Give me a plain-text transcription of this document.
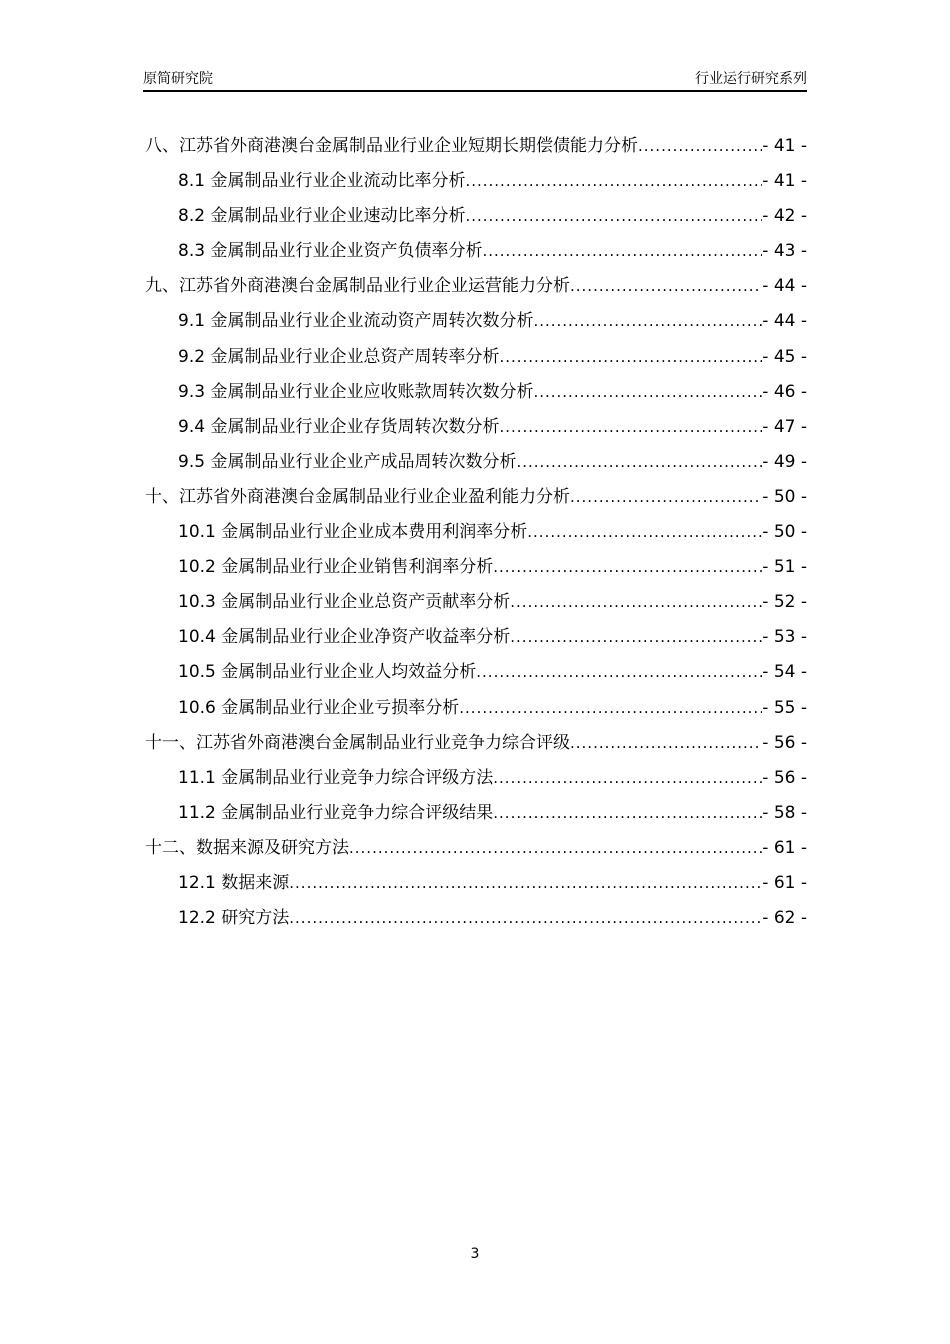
原简研究院	行业运行研究系列
八、江苏省外商港澳台金属制品业行业企业短期长期偿债能力分析 .....	- 41 -
8.1 金属制品业行业企业流动比率分析 .....	- 41 -
8.2 金属制品业行业企业速动比率分析 .....	- 42 -
8.3 金属制品业行业企业资产负债率分析 .....	- 43 -
九、江苏省外商港澳台金属制品业行业企业运营能力分析 .....	- 44 -
9.1 金属制品业行业企业流动资产周转次数分析 .....	- 44 -
9.2 金属制品业行业企业总资产周转率分析 .....	- 45 -
9.3 金属制品业行业企业应收账款周转次数分析 .....	- 46 -
9.4 金属制品业行业企业存货周转次数分析 .....	- 47 -
9.5 金属制品业行业企业产成品周转次数分析 .....	- 49 -
十、江苏省外商港澳台金属制品业行业企业盈利能力分析 .....	- 50 -
10.1 金属制品业行业企业成本费用利润率分析 .....	- 50 -
10.2 金属制品业行业企业销售利润率分析 .....	- 51 -
10.3 金属制品业行业企业总资产贡献率分析 .....	- 52 -
10.4 金属制品业行业企业净资产收益率分析 .....	- 53 -
10.5 金属制品业行业企业人均效益分析 .....	- 54 -
10.6 金属制品业行业企业亏损率分析 .....	- 55 -
十一、江苏省外商港澳台金属制品业行业竞争力综合评级 .....	- 56 -
11.1 金属制品业行业竞争力综合评级方法 .....	- 56 -
11.2 金属制品业行业竞争力综合评级结果 .....	- 58 -
十二、数据来源及研究方法 .....	- 61 -
12.1 数据来源 .....	- 61 -
12.2 研究方法 .....	- 62 -
3
